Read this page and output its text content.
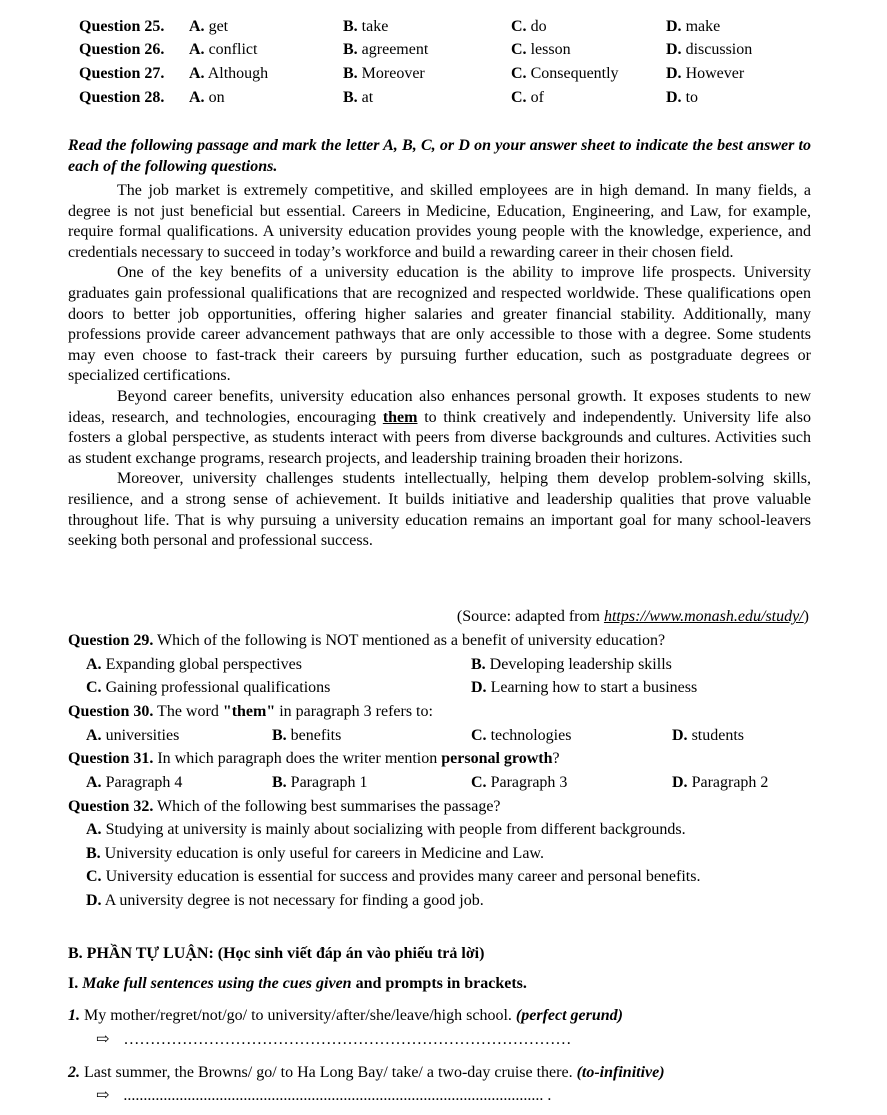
Question 25. A. get	B. take	C. do	D. make
Question 26. A. conflict	B. agreement	C. lesson	D. discussion
Question 27. A. Although	B. Moreover	C. Consequently	D. However
Question 28. A. on	B. at	C. of	D. to
Read the following passage and mark the letter A, B, C, or D on your answer sheet to indicate the best answer to each of the following questions.

The job market is extremely competitive, and skilled employees are in high demand. In many fields, a degree is not just beneficial but essential. Careers in Medicine, Education, Engineering, and Law, for example, require formal qualifications. A university education provides young people with the knowledge, experience, and credentials necessary to succeed in today’s workforce and build a rewarding career in their chosen field.

One of the key benefits of a university education is the ability to improve life prospects. University graduates gain professional qualifications that are recognized and respected worldwide. These qualifications open doors to better job opportunities, offering higher salaries and greater financial stability. Additionally, many professions provide career advancement pathways that are only accessible to those with a degree. Some students may even choose to fast-track their careers by pursuing further education, such as postgraduate degrees or specialized certifications.

Beyond career benefits, university education also enhances personal growth. It exposes students to new ideas, research, and technologies, encouraging them to think creatively and independently. University life also fosters a global perspective, as students interact with peers from diverse backgrounds and cultures. Activities such as student exchange programs, research projects, and leadership training broaden their horizons.

Moreover, university challenges students intellectually, helping them develop problem-solving skills, resilience, and a strong sense of achievement. It builds initiative and leadership qualities that prove valuable throughout life. That is why pursuing a university education remains an important goal for many school-leavers seeking both personal and professional success.

(Source: adapted from https://www.monash.edu/study/)
Question 29. Which of the following is NOT mentioned as a benefit of university education?
A. Expanding global perspectives	B. Developing leadership skills
C. Gaining professional qualifications	D. Learning how to start a business
Question 30. The word "them" in paragraph 3 refers to:
A. universities	B. benefits	C. technologies	D. students
Question 31. In which paragraph does the writer mention personal growth?
A. Paragraph 4	B. Paragraph 1	C. Paragraph 3	D. Paragraph 2
Question 32. Which of the following best summarises the passage?
A. Studying at university is mainly about socializing with people from different backgrounds.
B. University education is only useful for careers in Medicine and Law.
C. University education is essential for success and provides many career and personal benefits.
D. A university degree is not necessary for finding a good job.
B. PHẦN TỰ LUẬN: (Học sinh viết đáp án vào phiếu trả lời)
I. Make full sentences using the cues given and prompts in brackets.
1. My mother/regret/not/go/ to university/after/she/leave/high school. (perfect gerund)
⇨ …………………………………………………………………………
2. Last summer, the Browns/ go/ to Ha Long Bay/ take/ a two-day cruise there. (to-infinitive)
⇨ ......................................................................................................... .
